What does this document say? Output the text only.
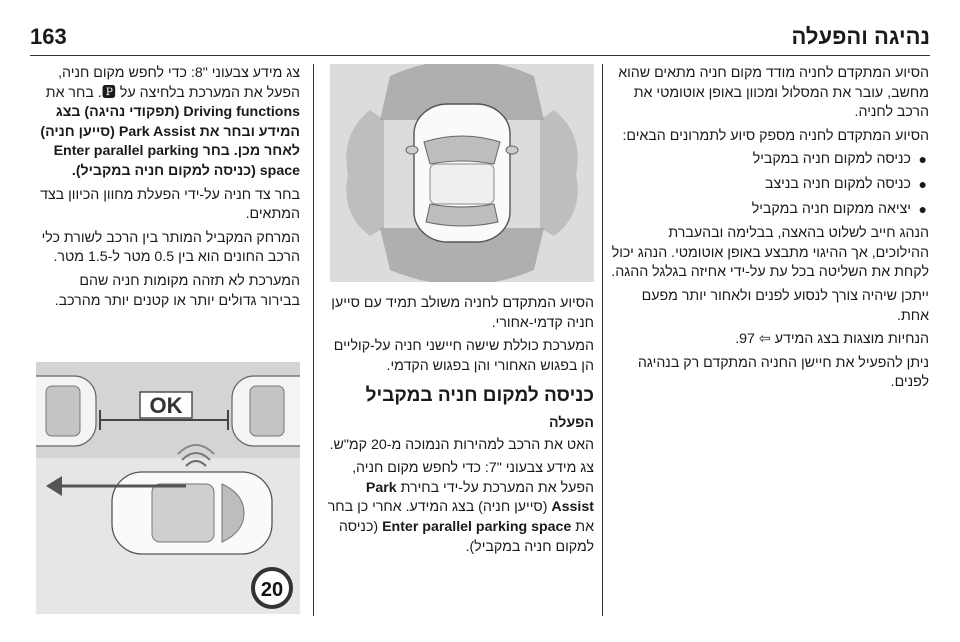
163	נהיגה והפעלה

הסיוע המתקדם לחניה מודד מקום חניה מתאים שהוא מחשב, עובר את המסלול ומכוון באופן אוטומטי את הרכב לחניה.

הסיוע המתקדם לחניה מספק סיוע לתמרונים הבאים:

●
כניסה למקום חניה במקביל
●
כניסה למקום חניה בניצב
●
יציאה ממקום חניה במקביל

הנהג חייב לשלוט בהאצה, בבלימה ובהעברת ההילוכים, אך ההיגוי מתבצע באופן אוטומטי. הנהג יכול לקחת את השליטה בכל עת על-ידי אחיזה בגלגל ההגה.

ייתכן שיהיה צורך לנסוע לפנים ולאחור יותר מפעם אחת.

הנחיות מוצגות בצג המידע ⇦ 97.

ניתן להפעיל את חיישן החניה המתקדם רק בנהיגה לפנים.

הסיוע המתקדם לחניה משולב תמיד עם סייען חניה קדמי-אחורי.

המערכת כוללת שישה חיישני חניה על-קוליים הן בפגוש האחורי והן בפגוש הקדמי.

כניסה למקום חניה במקביל
הפעלה

האט את הרכב למהירות הנמוכה מ-20 קמ"ש.

צג מידע צבעוני "7: כדי לחפש מקום חניה, הפעל את המערכת על-ידי בחירת Park Assist (סייען חניה) בצג המידע. אחרי כן בחר את Enter parallel parking space (כניסה למקום חניה במקביל).

צג מידע צבעוני "8: כדי לחפש מקום חניה, הפעל את המערכת בלחיצה על 🅿. בחר את Driving functions (תפקודי נהיגה) בצג המידע ובחר את Park Assist (סייען חניה) לאחר מכן. בחר Enter parallel parking space (כניסה למקום חניה במקביל).

בחר צד חניה על-ידי הפעלת מחוון הכיוון בצד המתאים.

המרחק המקביל המותר בין הרכב לשורת כלי הרכב החונים הוא בין 0.5 מטר ל-1.5 מטר.

המערכת לא תזהה מקומות חניה שהם בבירור גדולים יותר או קטנים יותר מהרכב.

OK
20
